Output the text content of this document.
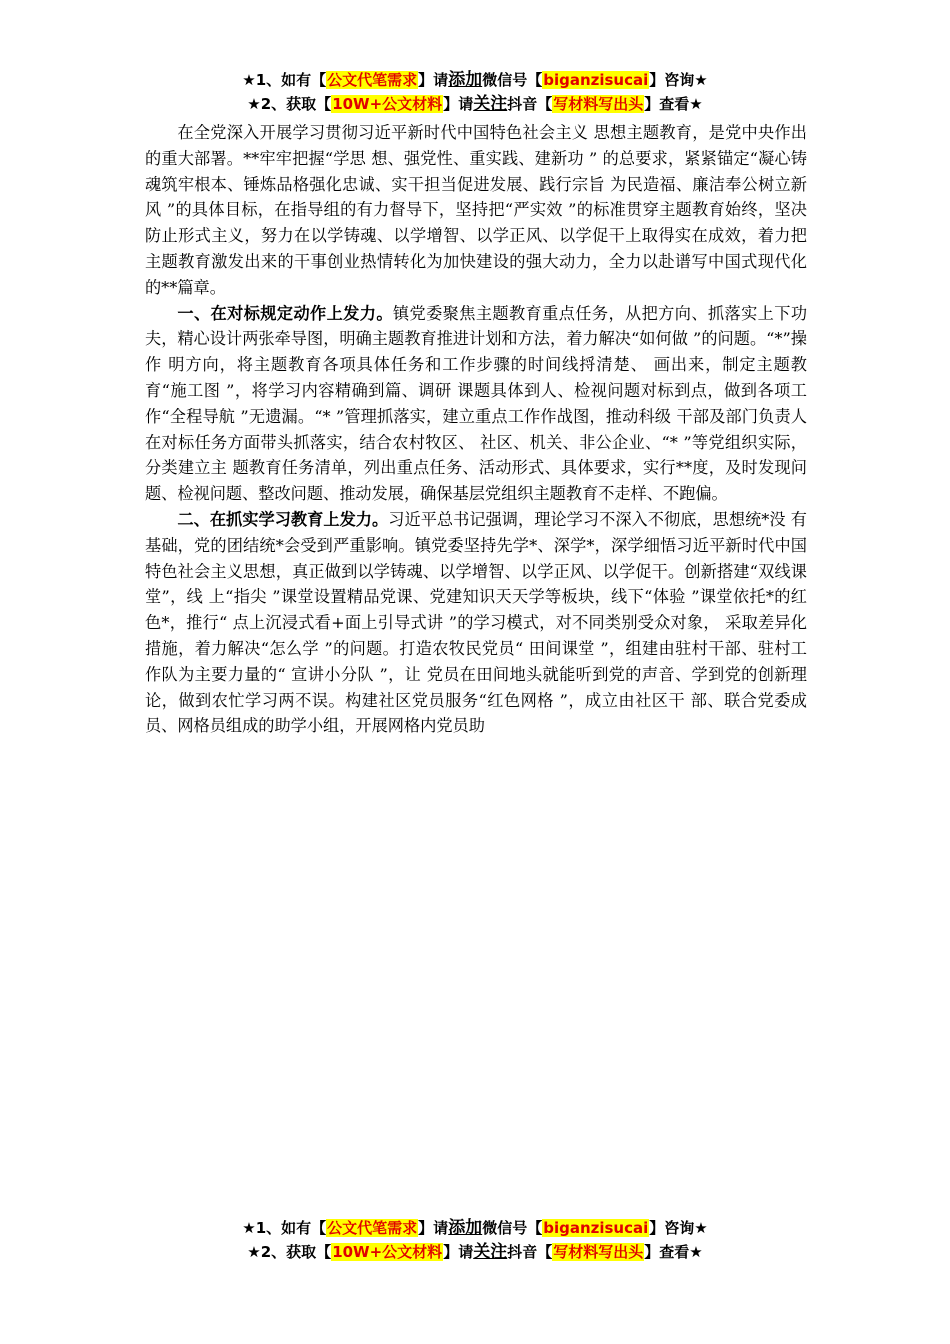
★1、如有【公文代笔需求】请添加微信号【biganzisucai】咨询★
★2、获取【10W+公文材料】请关注抖音【写材料写出头】查看★

在全党深入开展学习贯彻习近平新时代中国特色社会主义 思想主题教育，是党中央作出的重大部署。**牢牢把握“学思 想、强党性、重实践、建新功 ” 的总要求，紧紧锚定“凝心铸 魂筑牢根本、锤炼品格强化忠诚、实干担当促进发展、践行宗旨 为民造福、廉洁奉公树立新风 ”的具体目标，在指导组的有力督导下，坚持把“严实效 ”的标准贯穿主题教育始终，坚决防止形式主义，努力在以学铸魂、以学增智、以学正风、以学促干上取得实在成效，着力把主题教育激发出来的干事创业热情转化为加快建设的强大动力，全力以赴谱写中国式现代化的**篇章。

一、在对标规定动作上发力。镇党委聚焦主题教育重点任务，从把方向、抓落实上下功夫，精心设计两张牵导图，明确主题教育推进计划和方法，着力解决“如何做 ”的问题。“*”操作 明方向，将主题教育各项具体任务和工作步骤的时间线捋清楚、 画出来，制定主题教育“施工图 ”，将学习内容精确到篇、调研 课题具体到人、检视问题对标到点，做到各项工作“全程导航 ”无遗漏。“* ”管理抓落实，建立重点工作作战图，推动科级 干部及部门负责人在对标任务方面带头抓落实，结合农村牧区、 社区、机关、非公企业、“* ”等党组织实际，分类建立主 题教育任务清单，列出重点任务、活动形式、具体要求，实行**度，及时发现问题、检视问题、整改问题、推动发展，确保基层党组织主题教育不走样、不跑偏。

二、在抓实学习教育上发力。习近平总书记强调，理论学习不深入不彻底，思想统*没 有基础，党的团结统*会受到严重影响。镇党委坚持先学*、深学*，深学细悟习近平新时代中国特色社会主义思想，真正做到以学铸魂、以学增智、以学正风、以学促干。创新搭建“双线课堂”，线 上“指尖 ”课堂设置精品党课、党建知识天天学等板块，线下“体验 ”课堂依托*的红色*，推行“ 点上沉浸式看+面上引导式讲 ”的学习模式，对不同类别受众对象， 采取差异化措施，着力解决“怎么学 ”的问题。打造农牧民党员“ 田间课堂 ”，组建由驻村干部、驻村工作队为主要力量的“ 宣讲小分队 ”，让 党员在田间地头就能听到党的声音、学到党的创新理论，做到农忙学习两不误。构建社区党员服务“红色网格 ”，成立由社区干 部、联合党委成员、网格员组成的助学小组，开展网格内党员助

★1、如有【公文代笔需求】请添加微信号【biganzisucai】咨询★
★2、获取【10W+公文材料】请关注抖音【写材料写出头】查看★
